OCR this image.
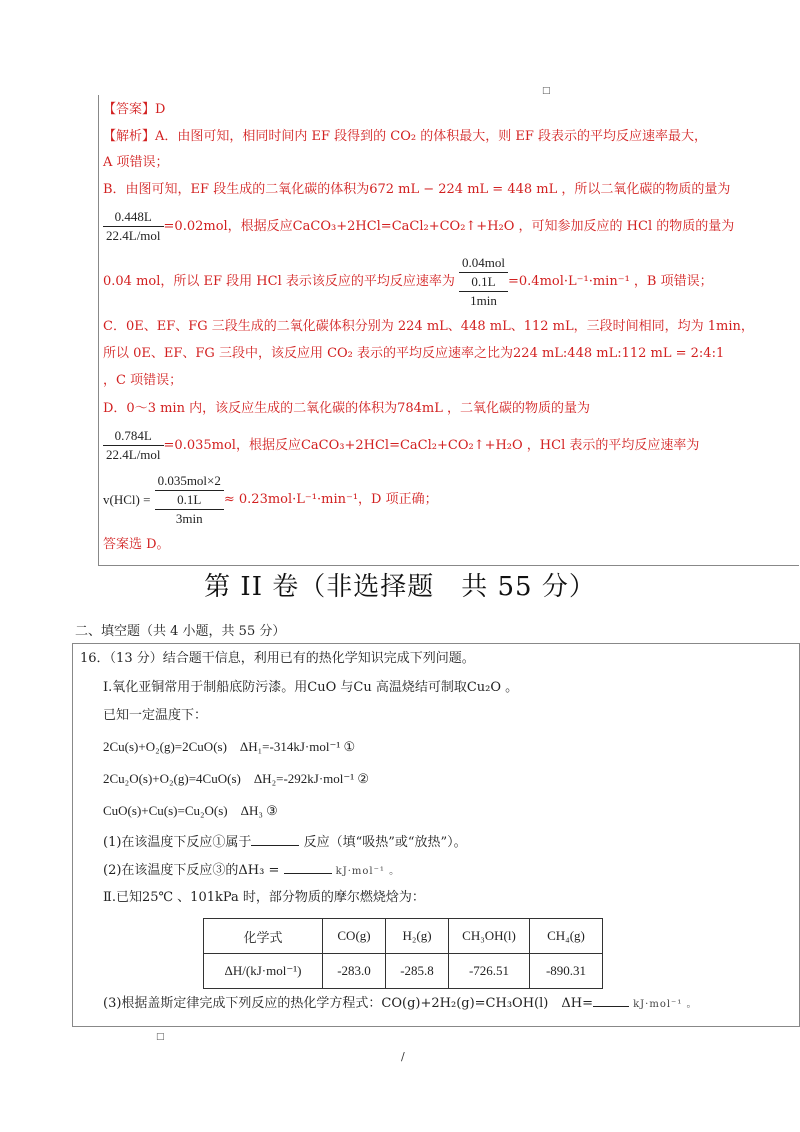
□
【答案】D
【解析】A．由图可知，相同时间内 EF 段得到的 CO₂ 的体积最大，则 EF 段表示的平均反应速率最大，
A 项错误；
B．由图可知，EF 段生成的二氧化碳的体积为672 mL − 224 mL = 448 mL ，所以二氧化碳的物质的量为
$\frac{0.448L}{\text{22.4L/mol}} =0.02mol$，根据反应CaCO₃+2HCl=CaCl₂+CO₂↑+H₂O ，可知参加反应的 HCl 的物质的量为
0.04 mol，所以 EF 段用 HCl 表示该反应的平均反应速率为
0.04mol
0.1L
1min
=0.4mol·L⁻¹·min⁻¹ ，B 项错误；
C．0E、EF、FG 三段生成的二氧化碳体积分别为 224 mL、448 mL、112 mL，三段时间相同，均为 1min，
所以 0E、EF、FG 三段中，该反应用 CO₂ 表示的平均反应速率之比为224 mL:448 mL:112 mL = 2:4:1
，C 项错误；
D．0～3 min 内，该反应生成的二氧化碳的体积为784mL ，二氧化碳的物质的量为
$\frac{0.784L}{\text{22.4L/mol}} =0.035mol$，根据反应CaCO₃+2HCl=CaCl₂+CO₂↑+H₂O ，HCl 表示的平均反应速率为
v(HCl) =
0.035mol×2
0.1L
3min
≈ 0.23mol·L⁻¹·min⁻¹，D 项正确；
答案选 D。
第 II 卷（非选择题　共 55 分）
二、填空题（共 4 小题，共 55 分）
16．（13 分）结合题干信息，利用已有的热化学知识完成下列问题。
Ⅰ.氧化亚铜常用于制船底防污漆。用CuO 与Cu 高温烧结可制取Cu₂O 。
已知一定温度下：
2Cu(s)+O₂(g)=2CuO(s)　ΔH₁=-314kJ·mol⁻¹ ①
2Cu₂O(s)+O₂(g)=4CuO(s)　ΔH₂=-292kJ·mol⁻¹ ②
CuO(s)+Cu(s)=Cu₂O(s)　ΔH₃ ③
(1)在该温度下反应①属于	反应（填“吸热”或“放热”）。
(2)在该温度下反应③的ΔH₃ =	kJ·mol⁻¹ 。
Ⅱ.已知25℃ 、101kPa 时，部分物质的摩尔燃烧焓为：
化学式	CO(g)	H₂(g)	CH₃OH(l)	CH₄(g)
ΔH/(kJ·mol⁻¹)	-283.0	-285.8	-726.51	-890.31
(3)根据盖斯定律完成下列反应的热化学方程式：CO(g)+2H₂(g)=CH₃OH(l)　ΔH=	kJ·mol⁻¹ 。
□
/
